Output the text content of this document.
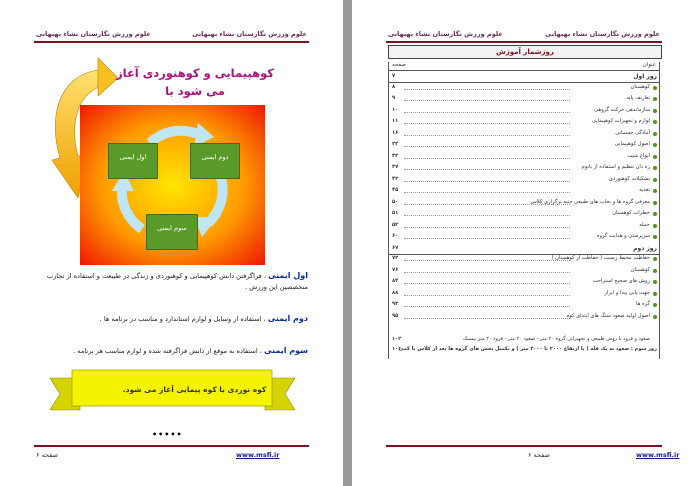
علوم ورزش نگارستان نشاء بهبهانی
علوم ورزش نگارستان نشاء بهبهانی
کوهپیمایی و کوهنوردی آغاز می شود با
اول ایمنی	دوم ایمنی
سوم ایمنی
اول ایمنی ، فراگرفتن دانش کوهپیمایی و کوهنوردی و زندگی در طبیعت و استفاده از تجارب متخصصین این ورزش .
دوم ایمنی ، استفاده از وسایل و لوازم استاندارد و مناسب در برنامه ها .
سوم ایمنی ، استفاده به موقع از دانش فراگرفته شده و لوازم مناسب هر برنامه .
کوه نوردی با کوه پیمایی آغاز می شود.
•••••
www.msfi.ir
صفحه ۶
علوم ورزش نگارستان نشاء بهبهانی
علوم ورزش نگارستان نشاء بهبهانی
روزشمار آموزش
عنوان
صفحه
روز اول
۷
کوهستان
۸
تعاریف پایه
۹
سازماندهی حرکت گروهی
۱۰
لوازم و تجهیزات کوهپیمایی
۱۱
آمادگی جسمانی
۱۶
اصول کوهپیمایی
۲۲
انواع شیب
۳۲
ره ذان تنظیم و استفاده از باتوم
۳۷
تشکیلات کوهنوردی
۴۲
تغذیه
۴۵
معرفی گروه ها و بخاب های طبیعی جنبه برگزاری کلاس
۵۰
خطرات کوهستان
۵۱
حمله
۵۲
سرپرستی و هدایت گروه
۶۰
روز دوم
۶۷
حفاظت محیط زیست ( حفاظت از کوهستان )
۷۲
کوهستان
۷۶
روش های صحیح استراحت
۸۴
جهت یابی پیدا و ابزار
۸۸
گره ها
۹۳
اصول اولیه صعود سنگ های ابتدای کوه
۹۵
صعود و فرود با روش طبیعی و تجهیزاتی گروه ۲۰ متر - صعود ۲۰ متر - فرود ۲۰ متر بیسیک
۱۰۲
روز سوم : صعود به یک قله ( با ارتفاع ۲۰۰۰ تا ۳۰۰۰ متر ) و تکمیل بخش های گروه ها بعد از کلاس با کمی
۱۰۶
www.msfi.ir
صفحه ۶
